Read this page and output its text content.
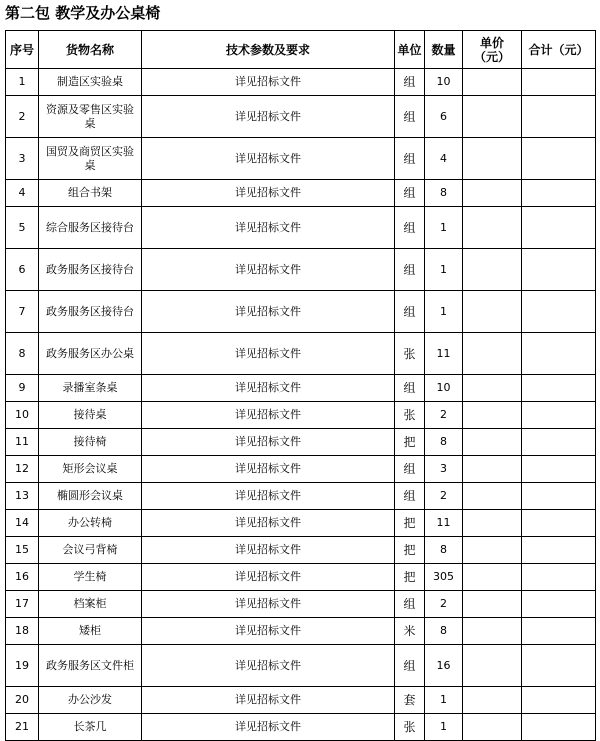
第二包 教学及办公桌椅
序号	货物名称	技术参数及要求	单位	数量	单价（元）	合计（元）
1	制造区实验桌	详见招标文件	组	10		
2	资源及零售区实验桌	详见招标文件	组	6		
3	国贸及商贸区实验桌	详见招标文件	组	4		
4	组合书架	详见招标文件	组	8		
5	综合服务区接待台	详见招标文件	组	1		
6	政务服务区接待台	详见招标文件	组	1		
7	政务服务区接待台	详见招标文件	组	1		
8	政务服务区办公桌	详见招标文件	张	11		
9	录播室条桌	详见招标文件	组	10		
10	接待桌	详见招标文件	张	2		
11	接待椅	详见招标文件	把	8		
12	矩形会议桌	详见招标文件	组	3		
13	椭圆形会议桌	详见招标文件	组	2		
14	办公转椅	详见招标文件	把	11		
15	会议弓背椅	详见招标文件	把	8		
16	学生椅	详见招标文件	把	305		
17	档案柜	详见招标文件	组	2		
18	矮柜	详见招标文件	米	8		
19	政务服务区文件柜	详见招标文件	组	16		
20	办公沙发	详见招标文件	套	1		
21	长茶几	详见招标文件	张	1		
